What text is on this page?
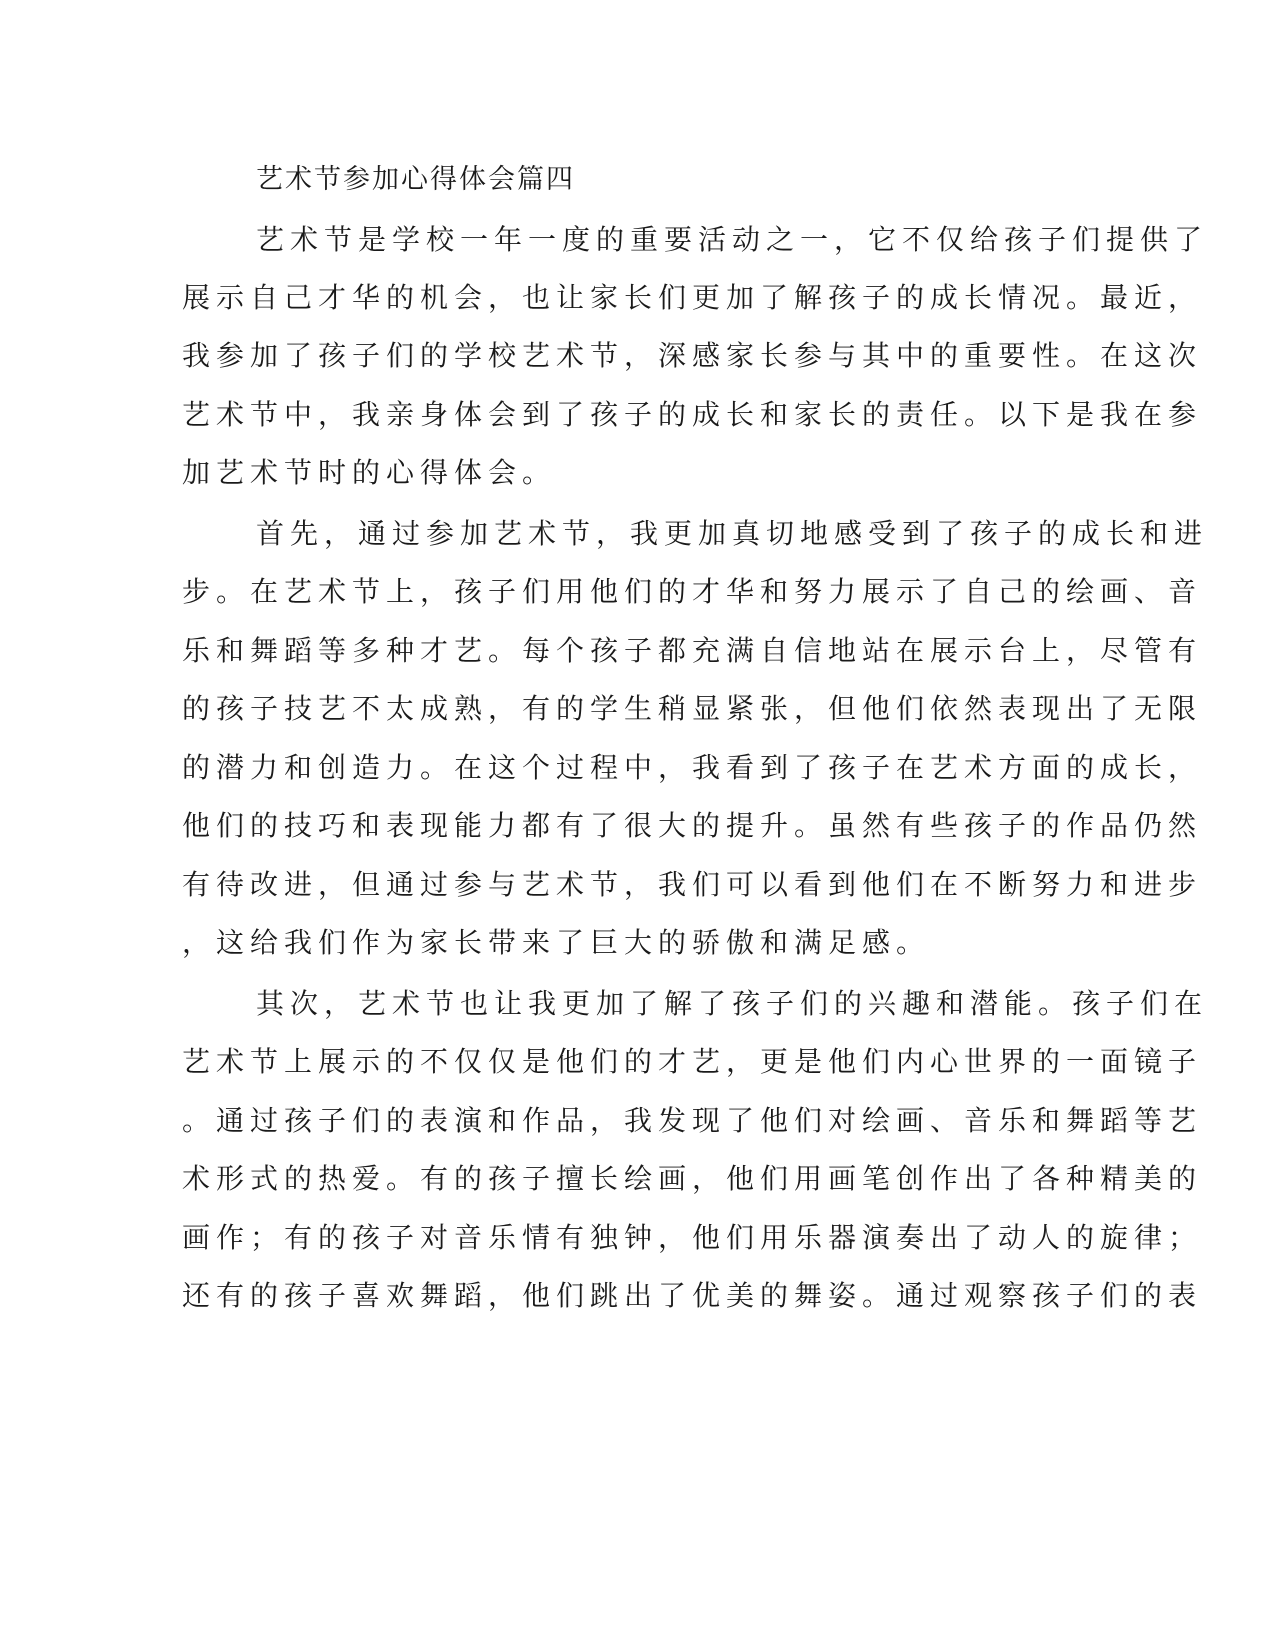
艺术节参加心得体会篇四

艺术节是学校一年一度的重要活动之一，它不仅给孩子们提供了

展示自己才华的机会，也让家长们更加了解孩子的成长情况。最近，

我参加了孩子们的学校艺术节，深感家长参与其中的重要性。在这次

艺术节中，我亲身体会到了孩子的成长和家长的责任。以下是我在参

加艺术节时的心得体会。

首先，通过参加艺术节，我更加真切地感受到了孩子的成长和进

步。在艺术节上，孩子们用他们的才华和努力展示了自己的绘画、音

乐和舞蹈等多种才艺。每个孩子都充满自信地站在展示台上，尽管有

的孩子技艺不太成熟，有的学生稍显紧张，但他们依然表现出了无限

的潜力和创造力。在这个过程中，我看到了孩子在艺术方面的成长，

他们的技巧和表现能力都有了很大的提升。虽然有些孩子的作品仍然

有待改进，但通过参与艺术节，我们可以看到他们在不断努力和进步

，这给我们作为家长带来了巨大的骄傲和满足感。

其次，艺术节也让我更加了解了孩子们的兴趣和潜能。孩子们在

艺术节上展示的不仅仅是他们的才艺，更是他们内心世界的一面镜子

。通过孩子们的表演和作品，我发现了他们对绘画、音乐和舞蹈等艺

术形式的热爱。有的孩子擅长绘画，他们用画笔创作出了各种精美的

画作；有的孩子对音乐情有独钟，他们用乐器演奏出了动人的旋律；

还有的孩子喜欢舞蹈，他们跳出了优美的舞姿。通过观察孩子们的表
